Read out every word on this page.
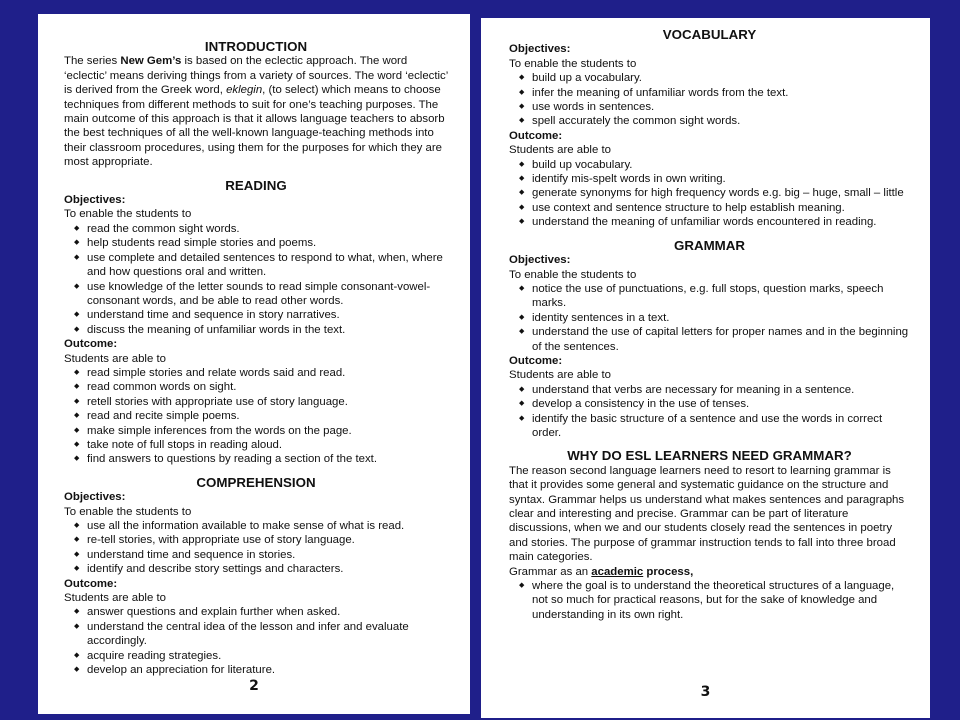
INTRODUCTION

The series New Gem’s is based on the eclectic approach. The word ‘eclectic’ means deriving things from a variety of sources. The word ‘eclectic’ is derived from the Greek word, eklegin, (to select) which means to choose techniques from different methods to suit for one’s teaching purposes. The main outcome of this approach is that it allows language teachers to absorb the best techniques of all the well-known language-teaching methods into their classroom procedures, using them for the purposes for which they are most appropriate.

READING

Objectives:

To enable the students to

◆ read the common sight words.
◆ help students read simple stories and poems.
◆ use complete and detailed sentences to respond to what, when, where and how questions oral and written.
◆ use knowledge of the letter sounds to read simple consonant-vowel-consonant words, and be able to read other words.
◆ understand time and sequence in story narratives.
◆ discuss the meaning of unfamiliar words in the text.

Outcome:

Students are able to

◆ read simple stories and relate words said and read.
◆ read common words on sight.
◆ retell stories with appropriate use of story language.
◆ read and recite simple poems.
◆ make simple inferences from the words on the page.
◆ take note of full stops in reading aloud.
◆ find answers to questions by reading a section of the text.
COMPREHENSION

Objectives:

To enable the students to

◆ use all the information available to make sense of what is read.
◆ re-tell stories, with appropriate use of story language.
◆ understand time and sequence in stories.
◆ identify and describe story settings and characters.

Outcome:

Students are able to

◆ answer questions and explain further when asked.
◆ understand the central idea of the lesson and infer and evaluate accordingly.
◆ acquire reading strategies.
◆ develop an appreciation for literature.
2
VOCABULARY

Objectives:

To enable the students to

◆ build up a vocabulary.
◆ infer the meaning of unfamiliar words from the text.
◆ use words in sentences.
◆ spell accurately the common sight words.

Outcome:

Students are able to

◆ build up vocabulary.
◆ identify mis-spelt words in own writing.
◆ generate synonyms for high frequency words e.g. big – huge, small – little
◆ use context and sentence structure to help establish meaning.
◆ understand the meaning of unfamiliar words encountered in reading.
GRAMMAR

Objectives:

To enable the students to

◆ notice the use of punctuations, e.g. full stops, question marks, speech marks.
◆ identity sentences in a text.
◆ understand the use of capital letters for proper names and in the beginning of the sentences.

Outcome:

Students are able to

◆ understand that verbs are necessary for meaning in a sentence.
◆ develop a consistency in the use of tenses.
◆ identify the basic structure of a sentence and use the words in correct order.
WHY DO ESL LEARNERS NEED GRAMMAR?

The reason second language learners need to resort to learning grammar is that it provides some general and systematic guidance on the structure and syntax. Grammar helps us understand what makes sentences and paragraphs clear and interesting and precise. Grammar can be part of literature discussions, when we and our students closely read the sentences in poetry and stories. The purpose of grammar instruction tends to fall into three broad main categories.

Grammar as an academic process,

◆ where the goal is to understand the theoretical structures of a language, not so much for practical reasons, but for the sake of knowledge and understanding in its own right.
3
